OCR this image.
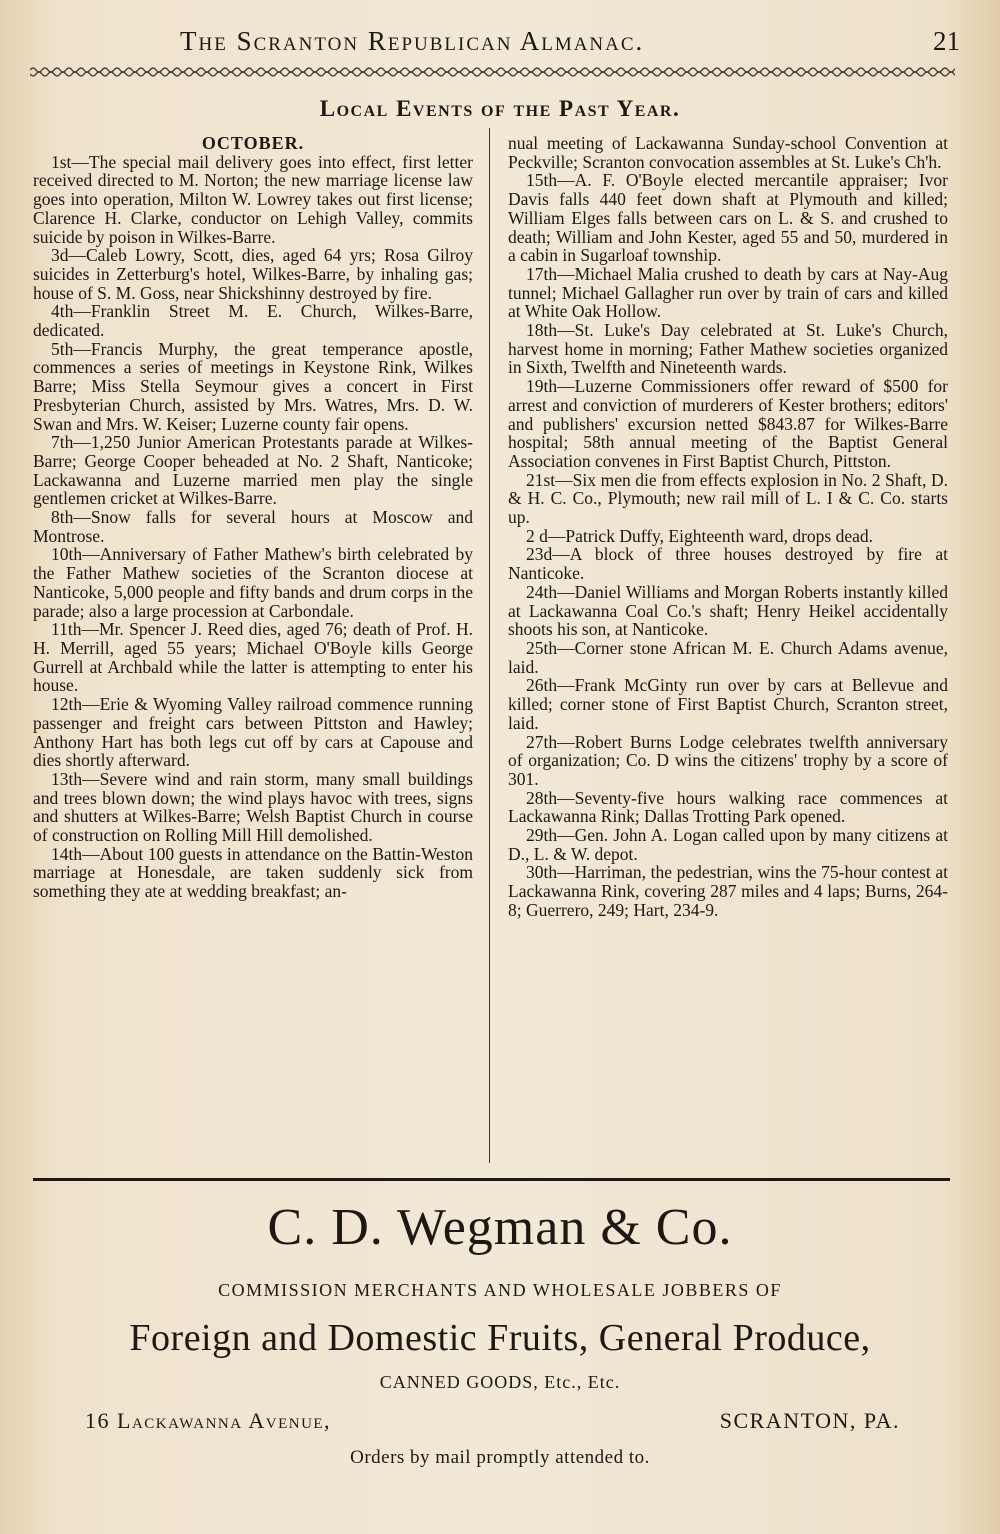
The Scranton Republican Almanac.	21
Local Events of the Past Year.
OCTOBER.

1st—The special mail delivery goes into effect, first letter received directed to M. Norton; the new marriage license law goes into operation, Milton W. Lowrey takes out first license; Clarence H. Clarke, conductor on Lehigh Valley, commits suicide by poison in Wilkes-Barre.

3d—Caleb Lowry, Scott, dies, aged 64 yrs; Rosa Gilroy suicides in Zetterburg's hotel, Wilkes-Barre, by inhaling gas; house of S. M. Goss, near Shickshinny destroyed by fire.

4th—Franklin Street M. E. Church, Wilkes-Barre, dedicated.

5th—Francis Murphy, the great temperance apostle, commences a series of meetings in Keystone Rink, Wilkes Barre; Miss Stella Seymour gives a concert in First Presbyterian Church, assisted by Mrs. Watres, Mrs. D. W. Swan and Mrs. W. Keiser; Luzerne county fair opens.

7th—1,250 Junior American Protestants parade at Wilkes-Barre; George Cooper beheaded at No. 2 Shaft, Nanticoke; Lackawanna and Luzerne married men play the single gentlemen cricket at Wilkes-Barre.

8th—Snow falls for several hours at Moscow and Montrose.

10th—Anniversary of Father Mathew's birth celebrated by the Father Mathew societies of the Scranton diocese at Nanticoke, 5,000 people and fifty bands and drum corps in the parade; also a large procession at Carbondale.

11th—Mr. Spencer J. Reed dies, aged 76; death of Prof. H. H. Merrill, aged 55 years; Michael O'Boyle kills George Gurrell at Archbald while the latter is attempting to enter his house.

12th—Erie & Wyoming Valley railroad commence running passenger and freight cars between Pittston and Hawley; Anthony Hart has both legs cut off by cars at Capouse and dies shortly afterward.

13th—Severe wind and rain storm, many small buildings and trees blown down; the wind plays havoc with trees, signs and shutters at Wilkes-Barre; Welsh Baptist Church in course of construction on Rolling Mill Hill demolished.

14th—About 100 guests in attendance on the Battin-Weston marriage at Honesdale, are taken suddenly sick from something they ate at wedding breakfast; an-

nual meeting of Lackawanna Sunday-school Convention at Peckville; Scranton convocation assembles at St. Luke's Ch'h.

15th—A. F. O'Boyle elected mercantile appraiser; Ivor Davis falls 440 feet down shaft at Plymouth and killed; William Elges falls between cars on L. & S. and crushed to death; William and John Kester, aged 55 and 50, murdered in a cabin in Sugarloaf township.

17th—Michael Malia crushed to death by cars at Nay-Aug tunnel; Michael Gallagher run over by train of cars and killed at White Oak Hollow.

18th—St. Luke's Day celebrated at St. Luke's Church, harvest home in morning; Father Mathew societies organized in Sixth, Twelfth and Nineteenth wards.

19th—Luzerne Commissioners offer reward of $500 for arrest and conviction of murderers of Kester brothers; editors' and publishers' excursion netted $843.87 for Wilkes-Barre hospital; 58th annual meeting of the Baptist General Association convenes in First Baptist Church, Pittston.

21st—Six men die from effects explosion in No. 2 Shaft, D. & H. C. Co., Plymouth; new rail mill of L. I & C. Co. starts up.

2 d—Patrick Duffy, Eighteenth ward, drops dead.

23d—A block of three houses destroyed by fire at Nanticoke.

24th—Daniel Williams and Morgan Roberts instantly killed at Lackawanna Coal Co.'s shaft; Henry Heikel accidentally shoots his son, at Nanticoke.

25th—Corner stone African M. E. Church Adams avenue, laid.

26th—Frank McGinty run over by cars at Bellevue and killed; corner stone of First Baptist Church, Scranton street, laid.

27th—Robert Burns Lodge celebrates twelfth anniversary of organization; Co. D wins the citizens' trophy by a score of 301.

28th—Seventy-five hours walking race commences at Lackawanna Rink; Dallas Trotting Park opened.

29th—Gen. John A. Logan called upon by many citizens at D., L. & W. depot.

30th—Harriman, the pedestrian, wins the 75-hour contest at Lackawanna Rink, covering 287 miles and 4 laps; Burns, 264-8; Guerrero, 249; Hart, 234-9.

C. D. Wegman & Co.
COMMISSION MERCHANTS AND WHOLESALE JOBBERS OF
Foreign and Domestic Fruits, General Produce,
CANNED GOODS, Etc., Etc.
16 Lackawanna Avenue,	SCRANTON, PA.
Orders by mail promptly attended to.
